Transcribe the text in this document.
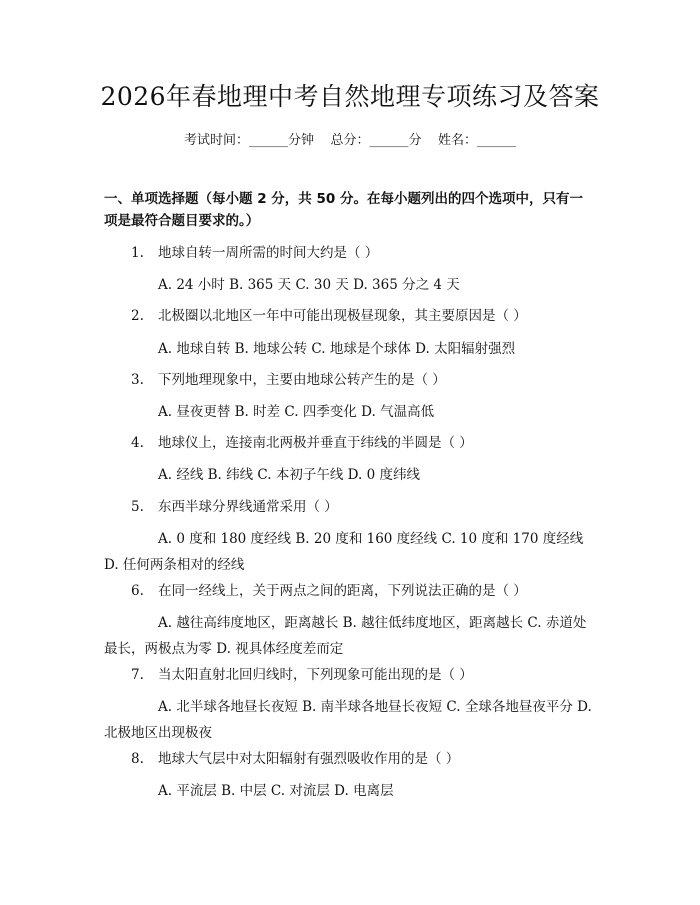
2026年春地理中考自然地理专项练习及答案
考试时间：______分钟    总分：______分    姓名：______
一、单项选择题（每小题 2 分，共 50 分。在每小题列出的四个选项中，只有一项是最符合题目要求的。）
1. 地球自转一周所需的时间大约是（ ）
A. 24 小时 B. 365 天 C. 30 天 D. 365 分之 4 天
2. 北极圈以北地区一年中可能出现极昼现象，其主要原因是（ ）
A. 地球自转 B. 地球公转 C. 地球是个球体 D. 太阳辐射强烈
3. 下列地理现象中，主要由地球公转产生的是（ ）
A. 昼夜更替 B. 时差 C. 四季变化 D. 气温高低
4. 地球仪上，连接南北两极并垂直于纬线的半圆是（ ）
A. 经线 B. 纬线 C. 本初子午线 D. 0 度纬线
5. 东西半球分界线通常采用（ ）
A. 0 度和 180 度经线 B. 20 度和 160 度经线 C. 10 度和 170 度经线 D. 任何两条相对的经线
6. 在同一经线上，关于两点之间的距离，下列说法正确的是（ ）
A. 越往高纬度地区，距离越长 B. 越往低纬度地区，距离越长 C. 赤道处最长，两极点为零 D. 视具体经度差而定
7. 当太阳直射北回归线时，下列现象可能出现的是（ ）
A. 北半球各地昼长夜短 B. 南半球各地昼长夜短 C. 全球各地昼夜平分 D. 北极地区出现极夜
8. 地球大气层中对太阳辐射有强烈吸收作用的是（ ）
A. 平流层 B. 中层 C. 对流层 D. 电离层
